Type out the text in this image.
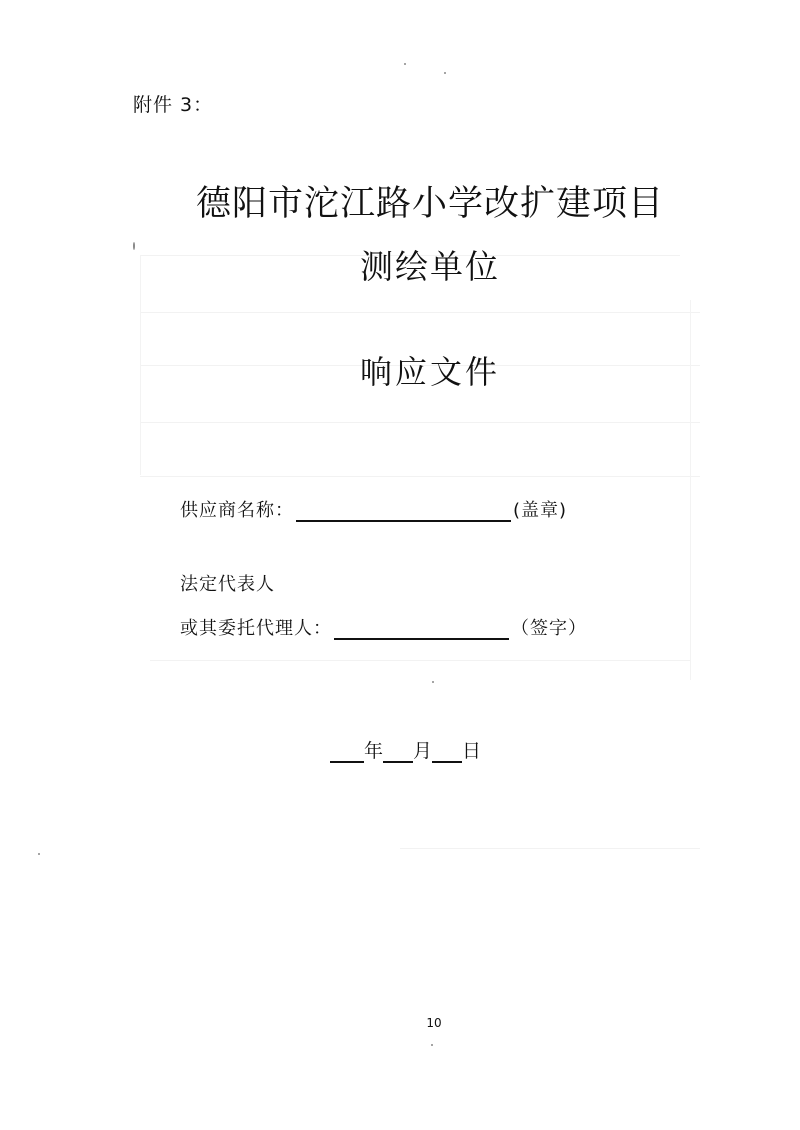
附件 3：
德阳市沱江路小学改扩建项目
测绘单位
响应文件
供应商名称：	(盖章)
法定代表人
或其委托代理人：	（签字）
年 月 日
10
